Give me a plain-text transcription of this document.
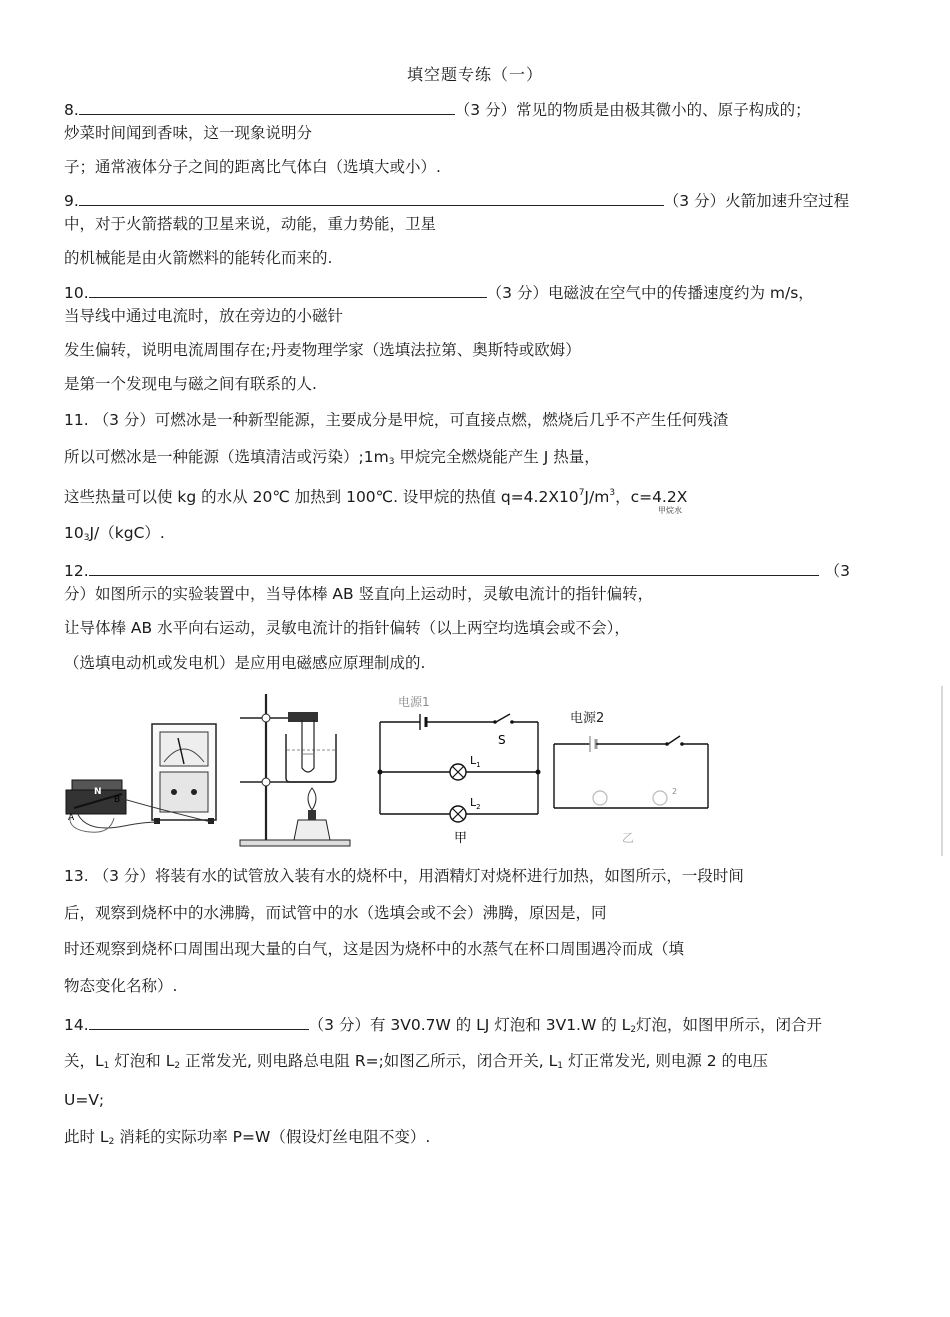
填空题专练（一）
8.	（3 分）常见的物质是由极其微小的、原子构成的；
炒菜时间闻到香味，这一现象说明分
子；通常液体分子之间的距离比气体白（选填大或小）.
9.	（3 分）火箭加速升空过程
中，对于火箭搭载的卫星来说，动能，重力势能，卫星
的机械能是由火箭燃料的能转化而来的.
10.	（3 分）电磁波在空气中的传播速度约为 m/s，
当导线中通过电流时，放在旁边的小磁针
发生偏转，说明电流周围存在;丹麦物理学家（选填法拉第、奥斯特或欧姆）
是第一个发现电与磁之间有联系的人.
11. （3 分）可燃冰是一种新型能源，主要成分是甲烷，可直接点燃，燃烧后几乎不产生任何残渣
所以可燃冰是一种能源（选填清洁或污染）$;1m_3$ 甲烷完全燃烧能产生 J 热量，
这些热量可以使 kg 的水从 20℃ 加热到 100℃. 设甲烷的热值 $q=4.2X10^7J/m^3$，c=4.2X
甲烷水
$10_3J/(kgC)$.
12.	（3
分）如图所示的实验装置中，当导体棒 AB 竖直向上运动时，灵敏电流计的指针偏转，
让导体棒 AB 水平向右运动，灵敏电流计的指针偏转（以上两空均选填会或不会），
（选填电动机或发电机）是应用电磁感应原理制成的.
N
A
B
电源1
S
$L_1$
$L_2$
甲
电源2
2
乙
13. （3 分）将装有水的试管放入装有水的烧杯中，用酒精灯对烧杯进行加热，如图所示，一段时间
后，观察到烧杯中的水沸腾，而试管中的水（选填会或不会）沸腾，原因是，同
时还观察到烧杯口周围出现大量的白气，这是因为烧杯中的水蒸气在杯口周围遇冷而成（填
物态变化名称）.
14.	（3 分）有 3V0.7W 的 LJ 灯泡和 3V1.W 的 $L_2$灯泡，如图甲所示，闭合开
关，$L_1$ 灯泡和 $L_2$ 正常发光, 则电路总电阻 R=;如图乙所示，闭合开关, $L_1$ 灯正常发光, 则电源 2 的电压
U=V;
此时 $L_2$ 消耗的实际功率 P=W（假设灯丝电阻不变）.
